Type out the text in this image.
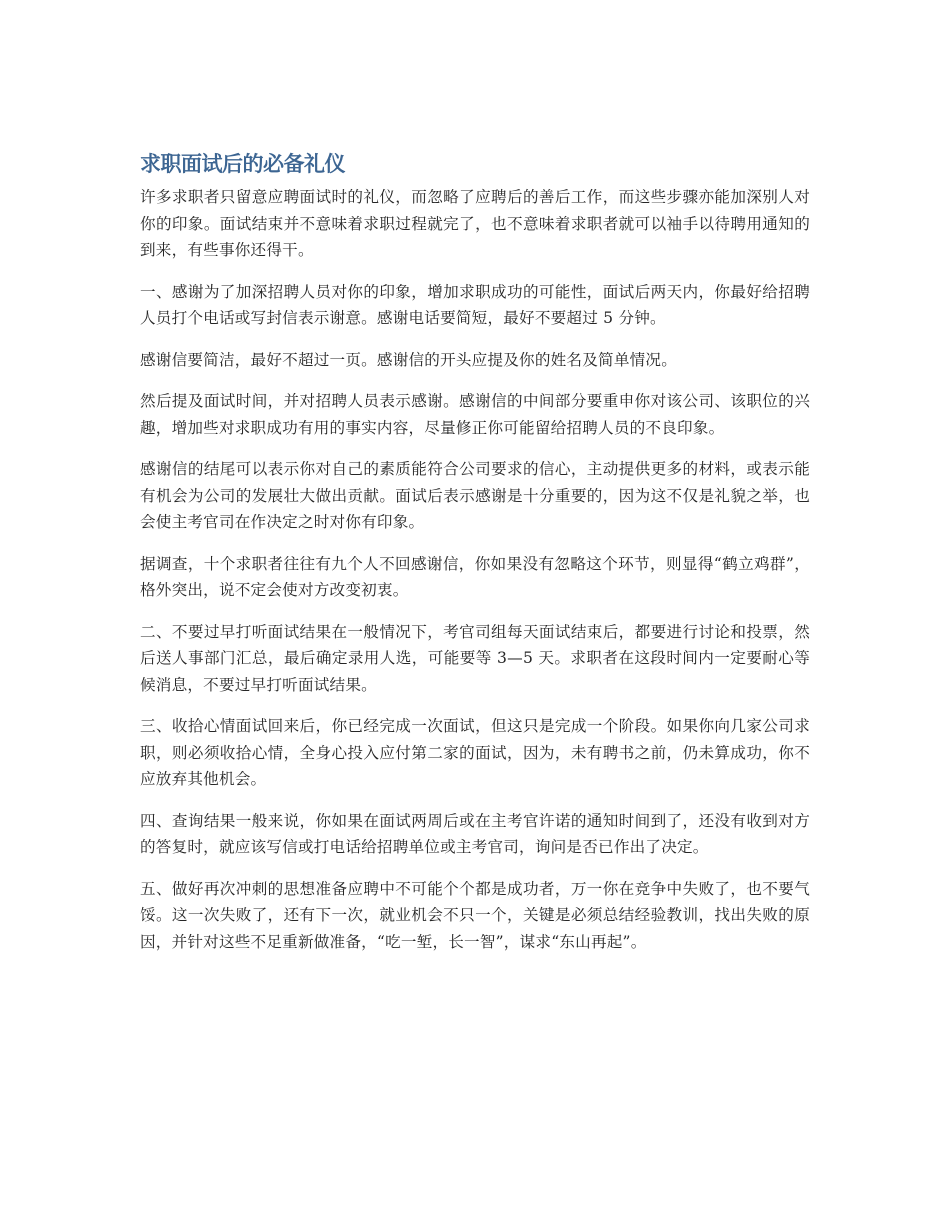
求职面试后的必备礼仪

许多求职者只留意应聘面试时的礼仪，而忽略了应聘后的善后工作，而这些步骤亦能加深别人对你的印象。面试结束并不意味着求职过程就完了，也不意味着求职者就可以袖手以待聘用通知的到来，有些事你还得干。

一、感谢为了加深招聘人员对你的印象，增加求职成功的可能性，面试后两天内，你最好给招聘人员打个电话或写封信表示谢意。感谢电话要简短，最好不要超过 5 分钟。

感谢信要简洁，最好不超过一页。感谢信的开头应提及你的姓名及简单情况。

然后提及面试时间，并对招聘人员表示感谢。感谢信的中间部分要重申你对该公司、该职位的兴趣，增加些对求职成功有用的事实内容，尽量修正你可能留给招聘人员的不良印象。

感谢信的结尾可以表示你对自己的素质能符合公司要求的信心，主动提供更多的材料，或表示能有机会为公司的发展壮大做出贡献。面试后表示感谢是十分重要的，因为这不仅是礼貌之举，也会使主考官司在作决定之时对你有印象。

据调查，十个求职者往往有九个人不回感谢信，你如果没有忽略这个环节，则显得“鹤立鸡群”，格外突出，说不定会使对方改变初衷。

二、不要过早打听面试结果在一般情况下，考官司组每天面试结束后，都要进行讨论和投票，然后送人事部门汇总，最后确定录用人选，可能要等 3—5 天。求职者在这段时间内一定要耐心等候消息，不要过早打听面试结果。

三、收拾心情面试回来后，你已经完成一次面试，但这只是完成一个阶段。如果你向几家公司求职，则必须收拾心情，全身心投入应付第二家的面试，因为，未有聘书之前，仍未算成功，你不应放弃其他机会。

四、查询结果一般来说，你如果在面试两周后或在主考官许诺的通知时间到了，还没有收到对方的答复时，就应该写信或打电话给招聘单位或主考官司，询问是否已作出了决定。

五、做好再次冲刺的思想准备应聘中不可能个个都是成功者，万一你在竞争中失败了，也不要气馁。这一次失败了，还有下一次，就业机会不只一个，关键是必须总结经验教训，找出失败的原因，并针对这些不足重新做准备，“吃一堑，长一智”，谋求“东山再起”。
